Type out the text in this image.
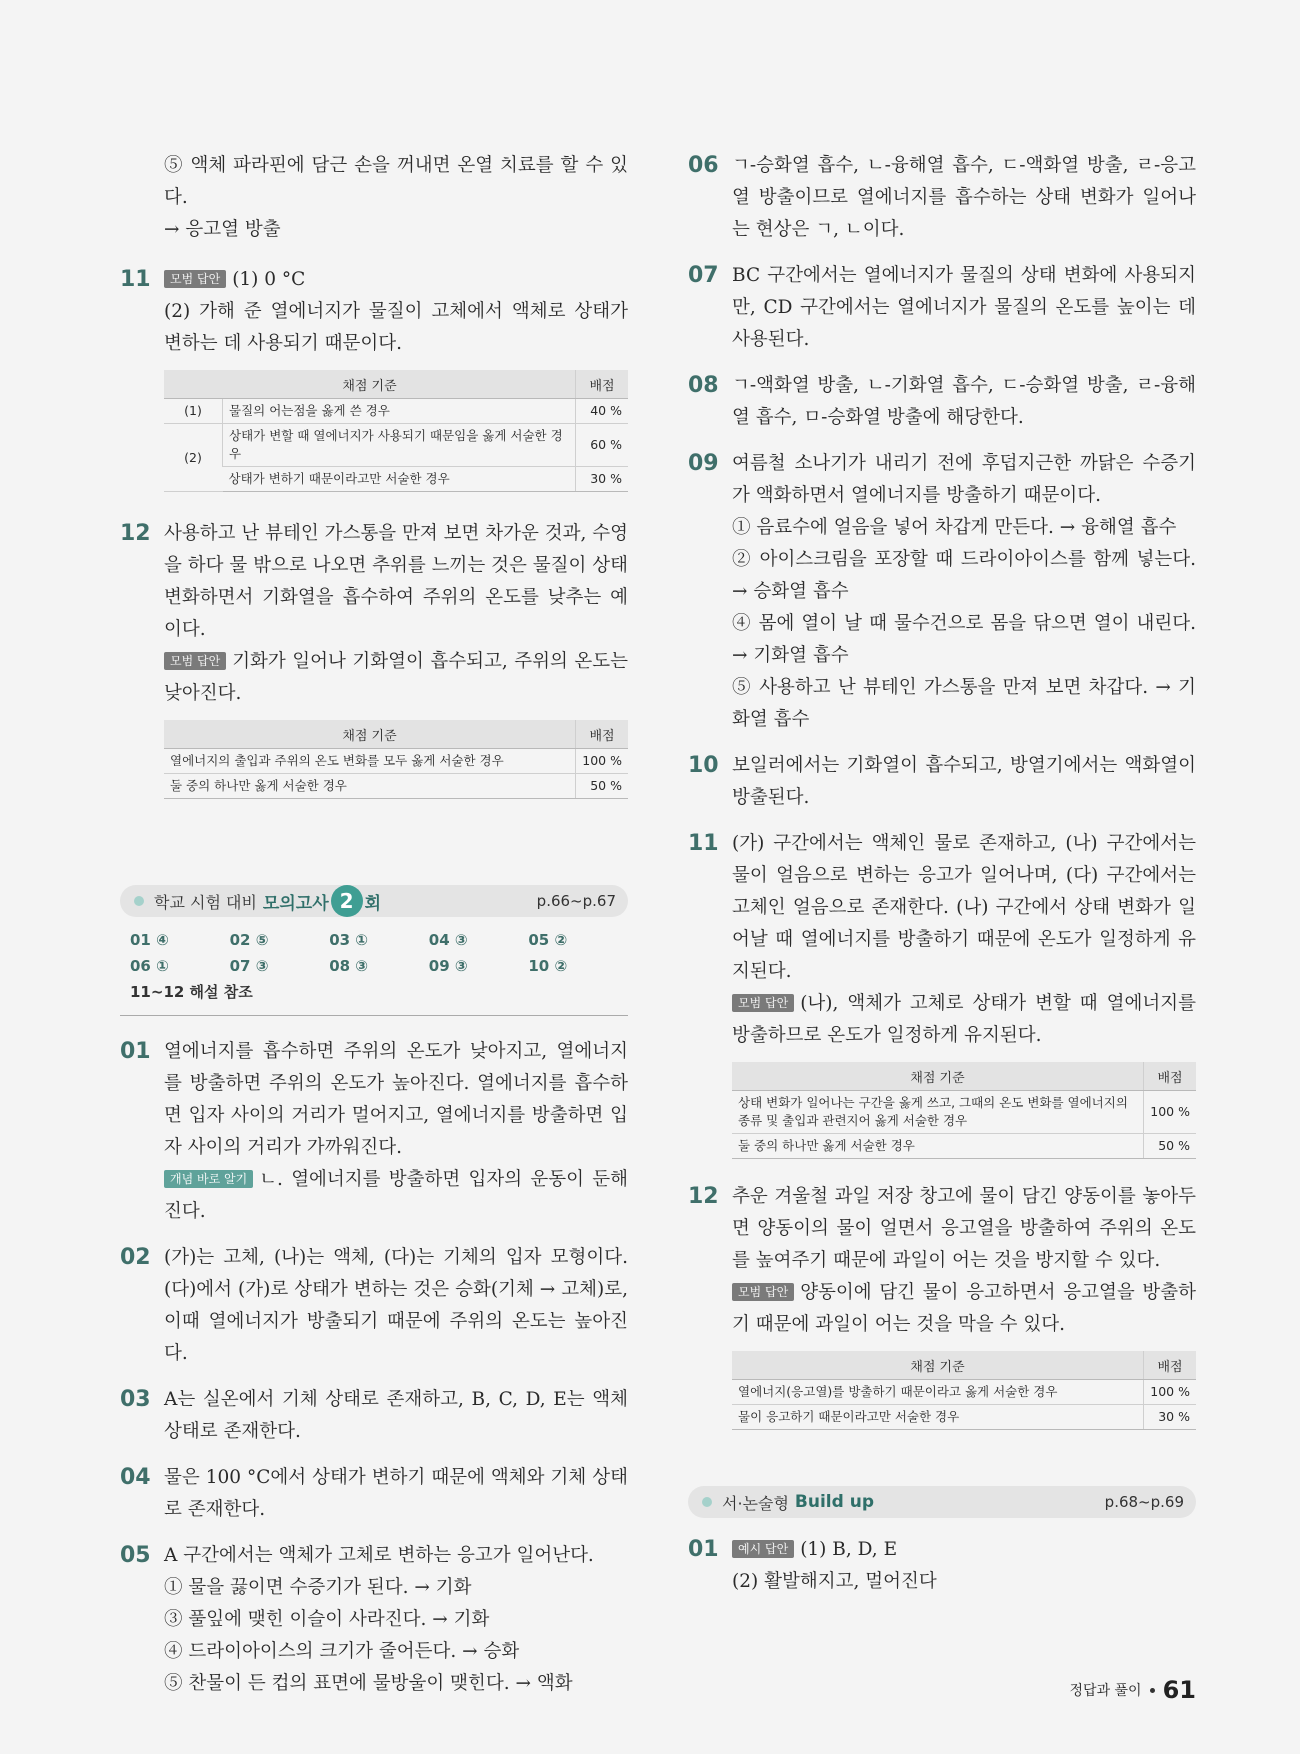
⑤ 액체 파라핀에 담근 손을 꺼내면 온열 치료를 할 수 있다.

→ 응고열 방출

11	모범 답안 (1) 0 °C

(2) 가해 준 열에너지가 물질이 고체에서 액체로 상태가 변하는 데 사용되기 때문이다.

채점 기준		배점
(1)	물질의 어는점을 옳게 쓴 경우	40 %
(2)	상태가 변할 때 열에너지가 사용되기 때문임을 옳게 서술한 경우	60 %
	상태가 변하기 때문이라고만 서술한 경우	30 %
12 사용하고 난 뷰테인 가스통을 만져 보면 차가운 것과, 수영을 하다 물 밖으로 나오면 추위를 느끼는 것은 물질이 상태 변화하면서 기화열을 흡수하여 주위의 온도를 낮추는 예이다.

모범 답안 기화가 일어나 기화열이 흡수되고, 주위의 온도는 낮아진다.

채점 기준	배점
열에너지의 출입과 주위의 온도 변화를 모두 옳게 서술한 경우	100 %
둘 중의 하나만 옳게 서술한 경우	50 %
학교 시험 대비 모의고사 2 회	p.66~p.67
01 ④	02 ⑤	03 ①	04 ③	05 ②
06 ①	07 ③	08 ③	09 ③	10 ②
11~12 해설 참조
01 열에너지를 흡수하면 주위의 온도가 낮아지고, 열에너지를 방출하면 주위의 온도가 높아진다. 열에너지를 흡수하면 입자 사이의 거리가 멀어지고, 열에너지를 방출하면 입자 사이의 거리가 가까워진다.

개념 바로 알기 ㄴ. 열에너지를 방출하면 입자의 운동이 둔해진다.

02 (가)는 고체, (나)는 액체, (다)는 기체의 입자 모형이다. (다)에서 (가)로 상태가 변하는 것은 승화(기체 → 고체)로, 이때 열에너지가 방출되기 때문에 주위의 온도는 높아진다.

03 A는 실온에서 기체 상태로 존재하고, B, C, D, E는 액체 상태로 존재한다.

04 물은 100 °C에서 상태가 변하기 때문에 액체와 기체 상태로 존재한다.

05 A 구간에서는 액체가 고체로 변하는 응고가 일어난다.

① 물을 끓이면 수증기가 된다. → 기화

③ 풀잎에 맺힌 이슬이 사라진다. → 기화

④ 드라이아이스의 크기가 줄어든다. → 승화

⑤ 찬물이 든 컵의 표면에 물방울이 맺힌다. → 액화

06 ㄱ-승화열 흡수, ㄴ-융해열 흡수, ㄷ-액화열 방출, ㄹ-응고열 방출이므로 열에너지를 흡수하는 상태 변화가 일어나는 현상은 ㄱ, ㄴ이다.

07 BC 구간에서는 열에너지가 물질의 상태 변화에 사용되지만, CD 구간에서는 열에너지가 물질의 온도를 높이는 데 사용된다.

08 ㄱ-액화열 방출, ㄴ-기화열 흡수, ㄷ-승화열 방출, ㄹ-융해열 흡수, ㅁ-승화열 방출에 해당한다.

09 여름철 소나기가 내리기 전에 후덥지근한 까닭은 수증기가 액화하면서 열에너지를 방출하기 때문이다.

① 음료수에 얼음을 넣어 차갑게 만든다. → 융해열 흡수

② 아이스크림을 포장할 때 드라이아이스를 함께 넣는다. → 승화열 흡수

④ 몸에 열이 날 때 물수건으로 몸을 닦으면 열이 내린다. → 기화열 흡수

⑤ 사용하고 난 뷰테인 가스통을 만져 보면 차갑다. → 기화열 흡수

10 보일러에서는 기화열이 흡수되고, 방열기에서는 액화열이 방출된다.

11 (가) 구간에서는 액체인 물로 존재하고, (나) 구간에서는 물이 얼음으로 변하는 응고가 일어나며, (다) 구간에서는 고체인 얼음으로 존재한다. (나) 구간에서 상태 변화가 일어날 때 열에너지를 방출하기 때문에 온도가 일정하게 유지된다.

모범 답안 (나), 액체가 고체로 상태가 변할 때 열에너지를 방출하므로 온도가 일정하게 유지된다.

채점 기준	배점
상태 변화가 일어나는 구간을 옳게 쓰고, 그때의 온도 변화를 열에너지의 종류 및 출입과 관련지어 옳게 서술한 경우	100 %
둘 중의 하나만 옳게 서술한 경우	50 %
12 추운 겨울철 과일 저장 창고에 물이 담긴 양동이를 놓아두면 양동이의 물이 얼면서 응고열을 방출하여 주위의 온도를 높여주기 때문에 과일이 어는 것을 방지할 수 있다.

모범 답안 양동이에 담긴 물이 응고하면서 응고열을 방출하기 때문에 과일이 어는 것을 막을 수 있다.

채점 기준	배점
열에너지(응고열)를 방출하기 때문이라고 옳게 서술한 경우	100 %
물이 응고하기 때문이라고만 서술한 경우	30 %
서·논술형 Build up	p.68~p.69
01	예시 답안 (1) B, D, E

(2) 활발해지고, 멀어진다

정답과 풀이 61
